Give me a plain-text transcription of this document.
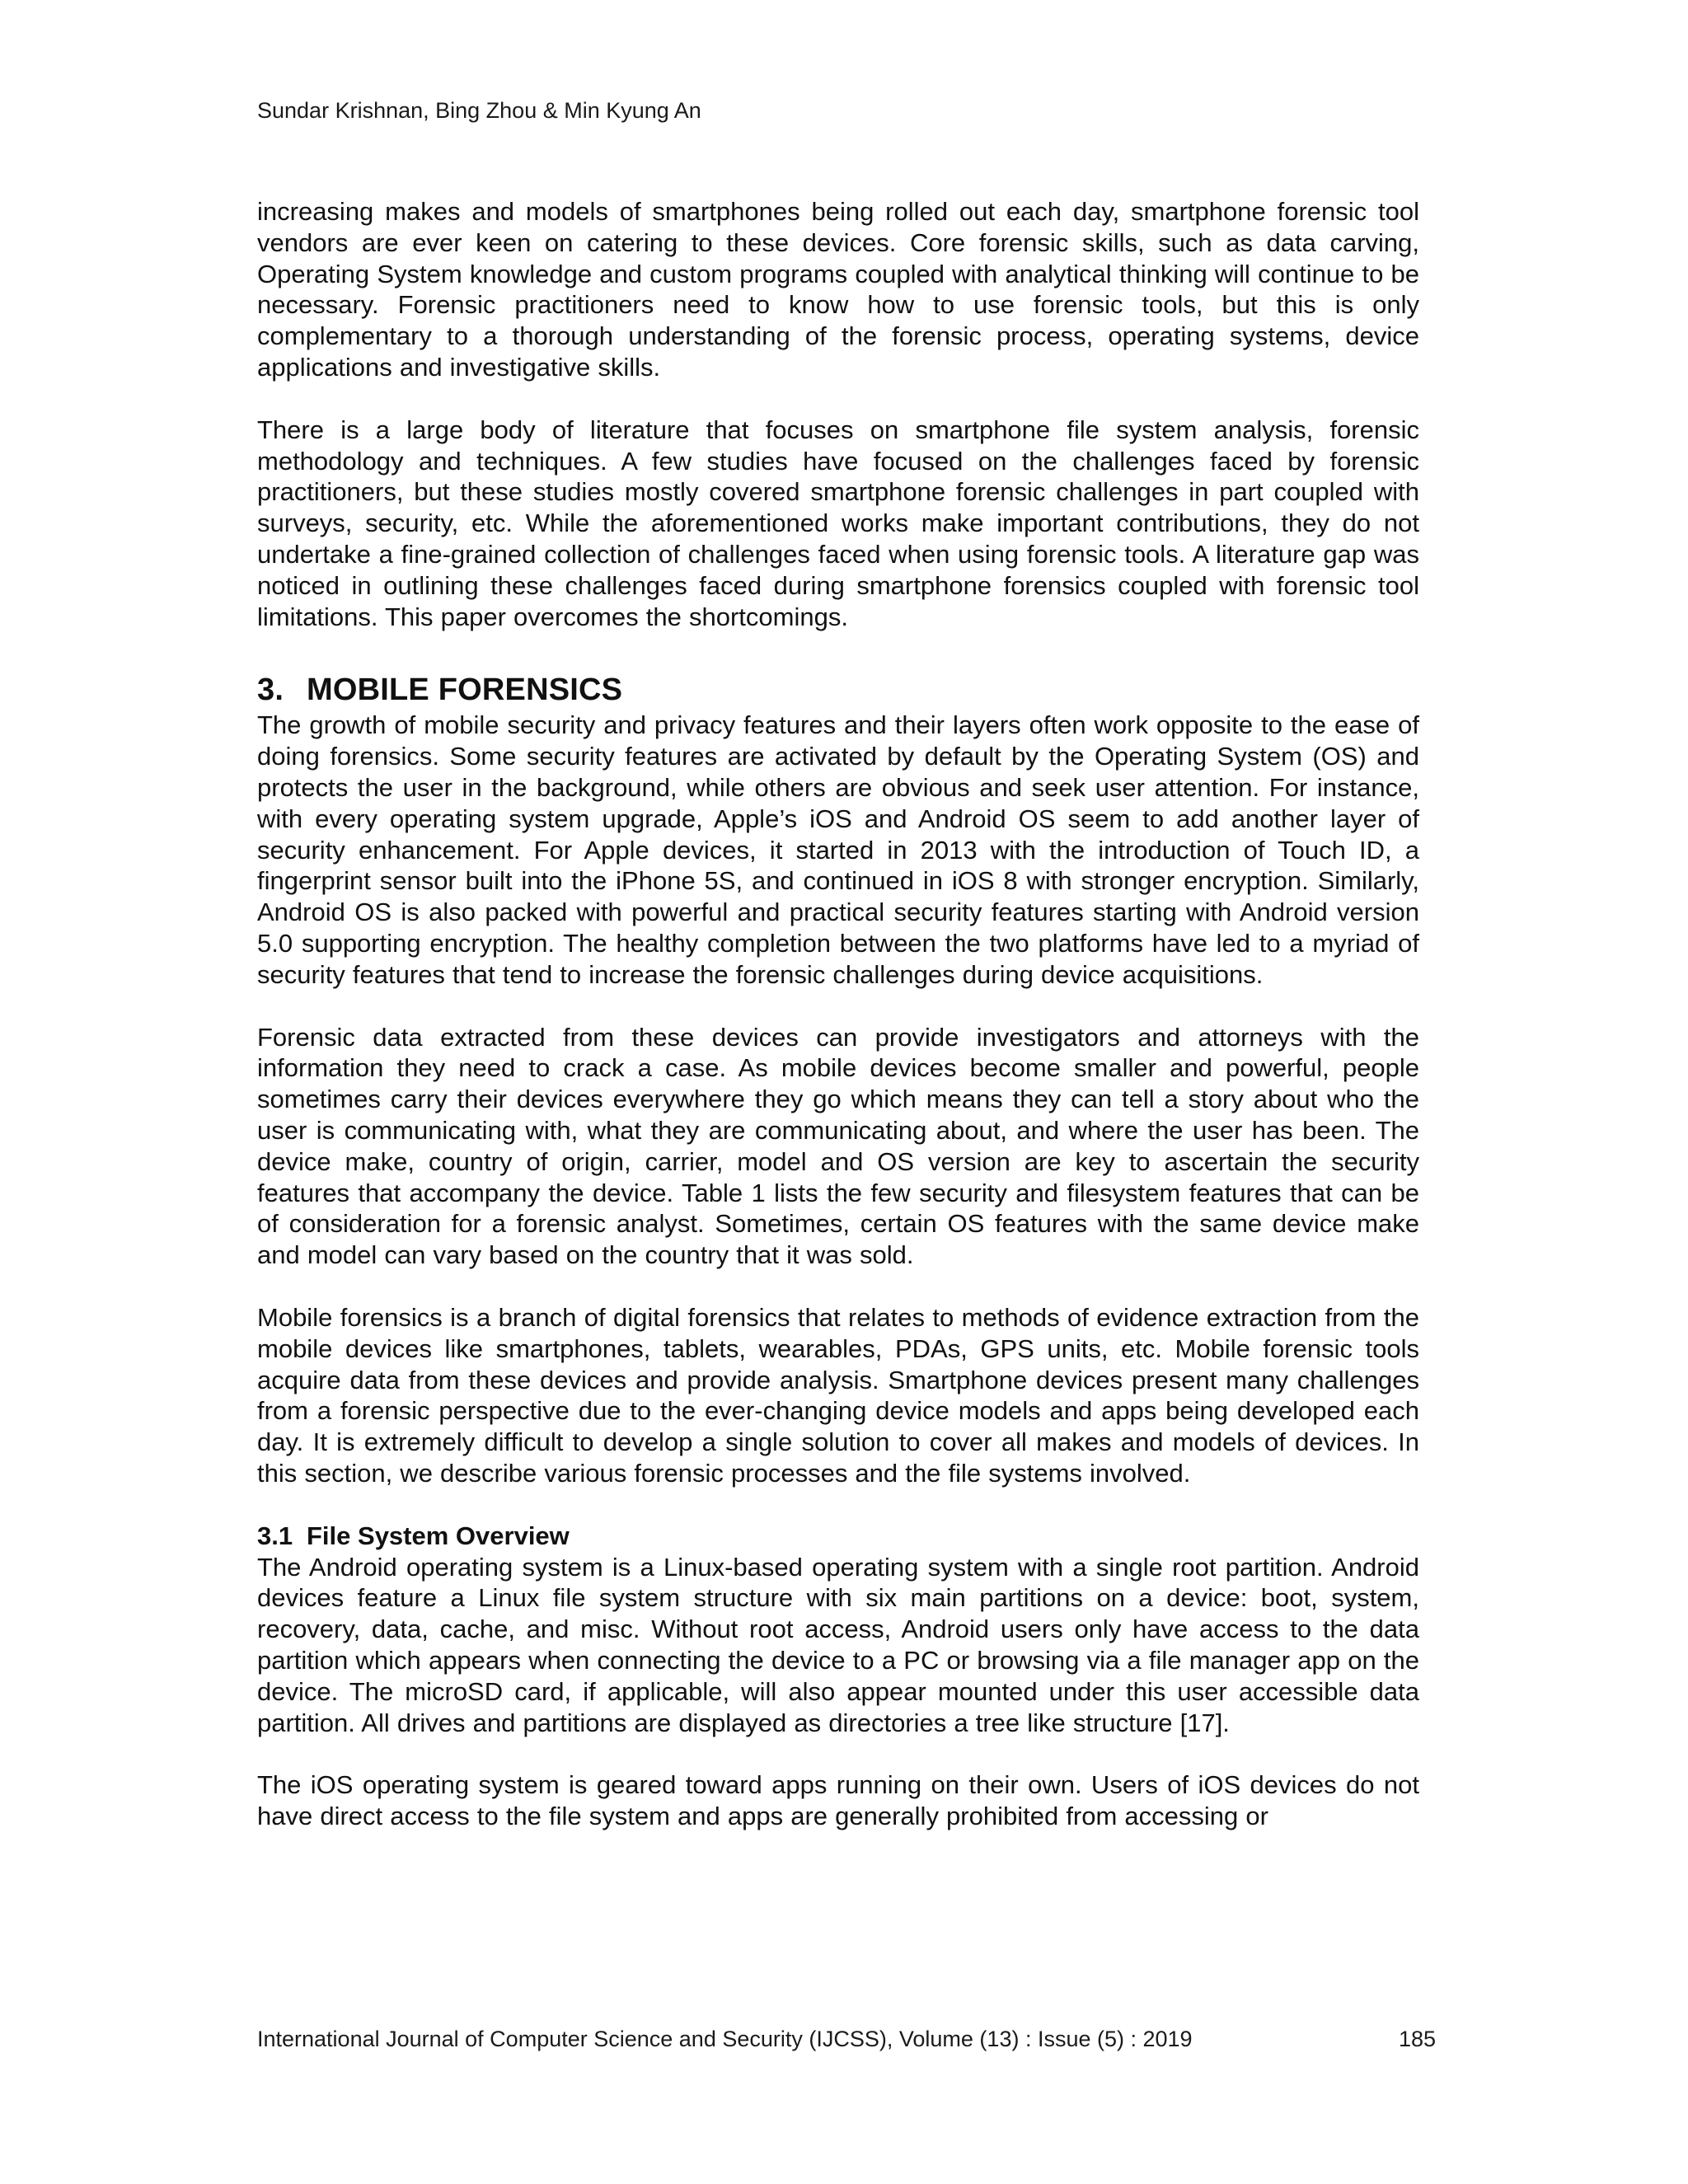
Sundar Krishnan, Bing Zhou & Min Kyung An

increasing makes and models of smartphones being rolled out each day, smartphone forensic tool vendors are ever keen on catering to these devices. Core forensic skills, such as data carving, Operating System knowledge and custom programs coupled with analytical thinking will continue to be necessary. Forensic practitioners need to know how to use forensic tools, but this is only complementary to a thorough understanding of the forensic process, operating systems, device applications and investigative skills.

There is a large body of literature that focuses on smartphone file system analysis, forensic methodology and techniques. A few studies have focused on the challenges faced by forensic practitioners, but these studies mostly covered smartphone forensic challenges in part coupled with surveys, security, etc. While the aforementioned works make important contributions, they do not undertake a fine-grained collection of challenges faced when using forensic tools. A literature gap was noticed in outlining these challenges faced during smartphone forensics coupled with forensic tool limitations. This paper overcomes the shortcomings.

3. MOBILE FORENSICS

The growth of mobile security and privacy features and their layers often work opposite to the ease of doing forensics. Some security features are activated by default by the Operating System (OS) and protects the user in the background, while others are obvious and seek user attention. For instance, with every operating system upgrade, Apple’s iOS and Android OS seem to add another layer of security enhancement. For Apple devices, it started in 2013 with the introduction of Touch ID, a fingerprint sensor built into the iPhone 5S, and continued in iOS 8 with stronger encryption. Similarly, Android OS is also packed with powerful and practical security features starting with Android version 5.0 supporting encryption. The healthy completion between the two platforms have led to a myriad of security features that tend to increase the forensic challenges during device acquisitions.

Forensic data extracted from these devices can provide investigators and attorneys with the information they need to crack a case. As mobile devices become smaller and powerful, people sometimes carry their devices everywhere they go which means they can tell a story about who the user is communicating with, what they are communicating about, and where the user has been. The device make, country of origin, carrier, model and OS version are key to ascertain the security features that accompany the device. Table 1 lists the few security and filesystem features that can be of consideration for a forensic analyst. Sometimes, certain OS features with the same device make and model can vary based on the country that it was sold.

Mobile forensics is a branch of digital forensics that relates to methods of evidence extraction from the mobile devices like smartphones, tablets, wearables, PDAs, GPS units, etc. Mobile forensic tools acquire data from these devices and provide analysis. Smartphone devices present many challenges from a forensic perspective due to the ever-changing device models and apps being developed each day. It is extremely difficult to develop a single solution to cover all makes and models of devices. In this section, we describe various forensic processes and the file systems involved.

3.1 File System Overview

The Android operating system is a Linux-based operating system with a single root partition. Android devices feature a Linux file system structure with six main partitions on a device: boot, system, recovery, data, cache, and misc. Without root access, Android users only have access to the data partition which appears when connecting the device to a PC or browsing via a file manager app on the device. The microSD card, if applicable, will also appear mounted under this user accessible data partition. All drives and partitions are displayed as directories a tree like structure [17].

The iOS operating system is geared toward apps running on their own. Users of iOS devices do not have direct access to the file system and apps are generally prohibited from accessing or

International Journal of Computer Science and Security (IJCSS), Volume (13) : Issue (5) : 2019	185
